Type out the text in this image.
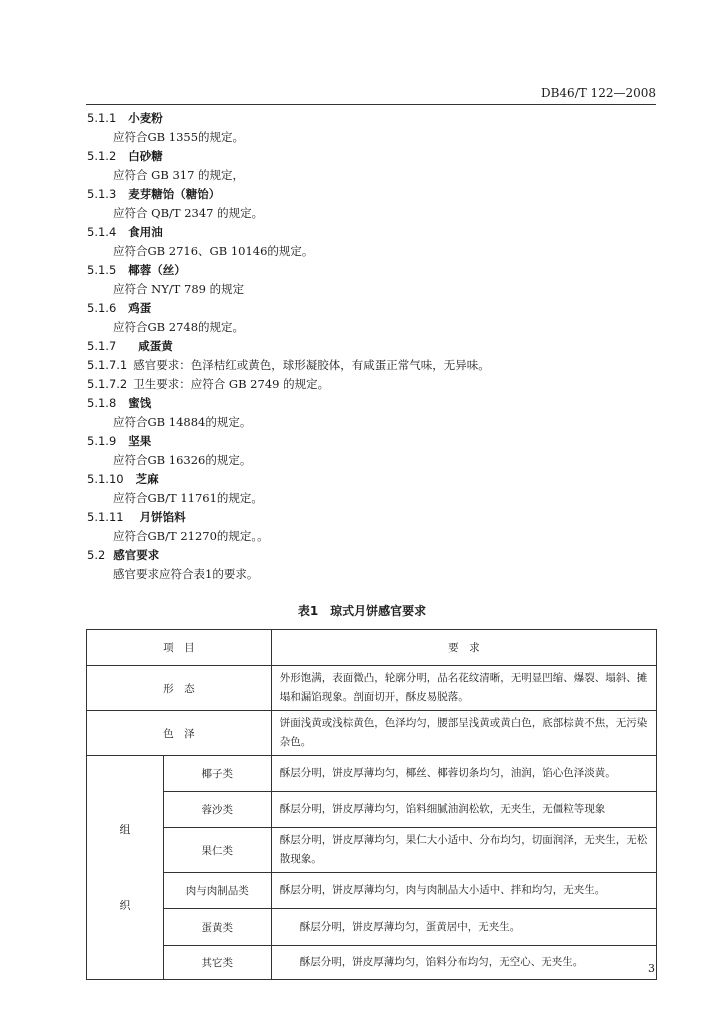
DB46/T 122—2008
5.1.1 小麦粉
应符合GB 1355的规定。
5.1.2 白砂糖
应符合 GB 317 的规定，
5.1.3 麦芽糖饴（糖饴）
应符合 QB/T 2347 的规定。
5.1.4 食用油
应符合GB 2716、GB 10146的规定。
5.1.5 椰蓉（丝）
应符合 NY/T 789 的规定
5.1.6 鸡蛋
应符合GB 2748的规定。
5.1.7 咸蛋黄
5.1.7.1 感官要求：色泽桔红或黄色，球形凝胶体，有咸蛋正常气味，无异味。
5.1.7.2 卫生要求：应符合 GB 2749 的规定。
5.1.8 蜜饯
应符合GB 14884的规定。
5.1.9 坚果
应符合GB 16326的规定。
5.1.10 芝麻
应符合GB/T 11761的规定。
5.1.11 月饼馅料
应符合GB/T 21270的规定。。
5.2 感官要求
感官要求应符合表1的要求。
表1　琼式月饼感官要求
项　目		要　求
形　态		外形饱满，表面微凸，轮廓分明，品名花纹清晰，无明显凹缩、爆裂、塌斜、摊塌和漏馅现象。剖面切开，酥皮易脱落。
色　泽		饼面浅黄或浅棕黄色，色泽均匀，腰部呈浅黄或黄白色，底部棕黄不焦，无污染杂色。

组
织	椰子类	酥层分明，饼皮厚薄均匀，椰丝、椰蓉切条均匀，油润，馅心色泽淡黄。
	蓉沙类	酥层分明，饼皮厚薄均匀，馅料细腻油润松软，无夹生，无僵粒等现象
	果仁类	酥层分明，饼皮厚薄均匀，果仁大小适中、分布均匀，切面润泽，无夹生，无松散现象。
	肉与肉制品类	酥层分明，饼皮厚薄均匀，肉与肉制品大小适中、拌和均匀，无夹生。
	蛋黄类	酥层分明，饼皮厚薄均匀，蛋黄居中，无夹生。
	其它类	酥层分明，饼皮厚薄均匀，馅料分布均匀，无空心、无夹生。	3
